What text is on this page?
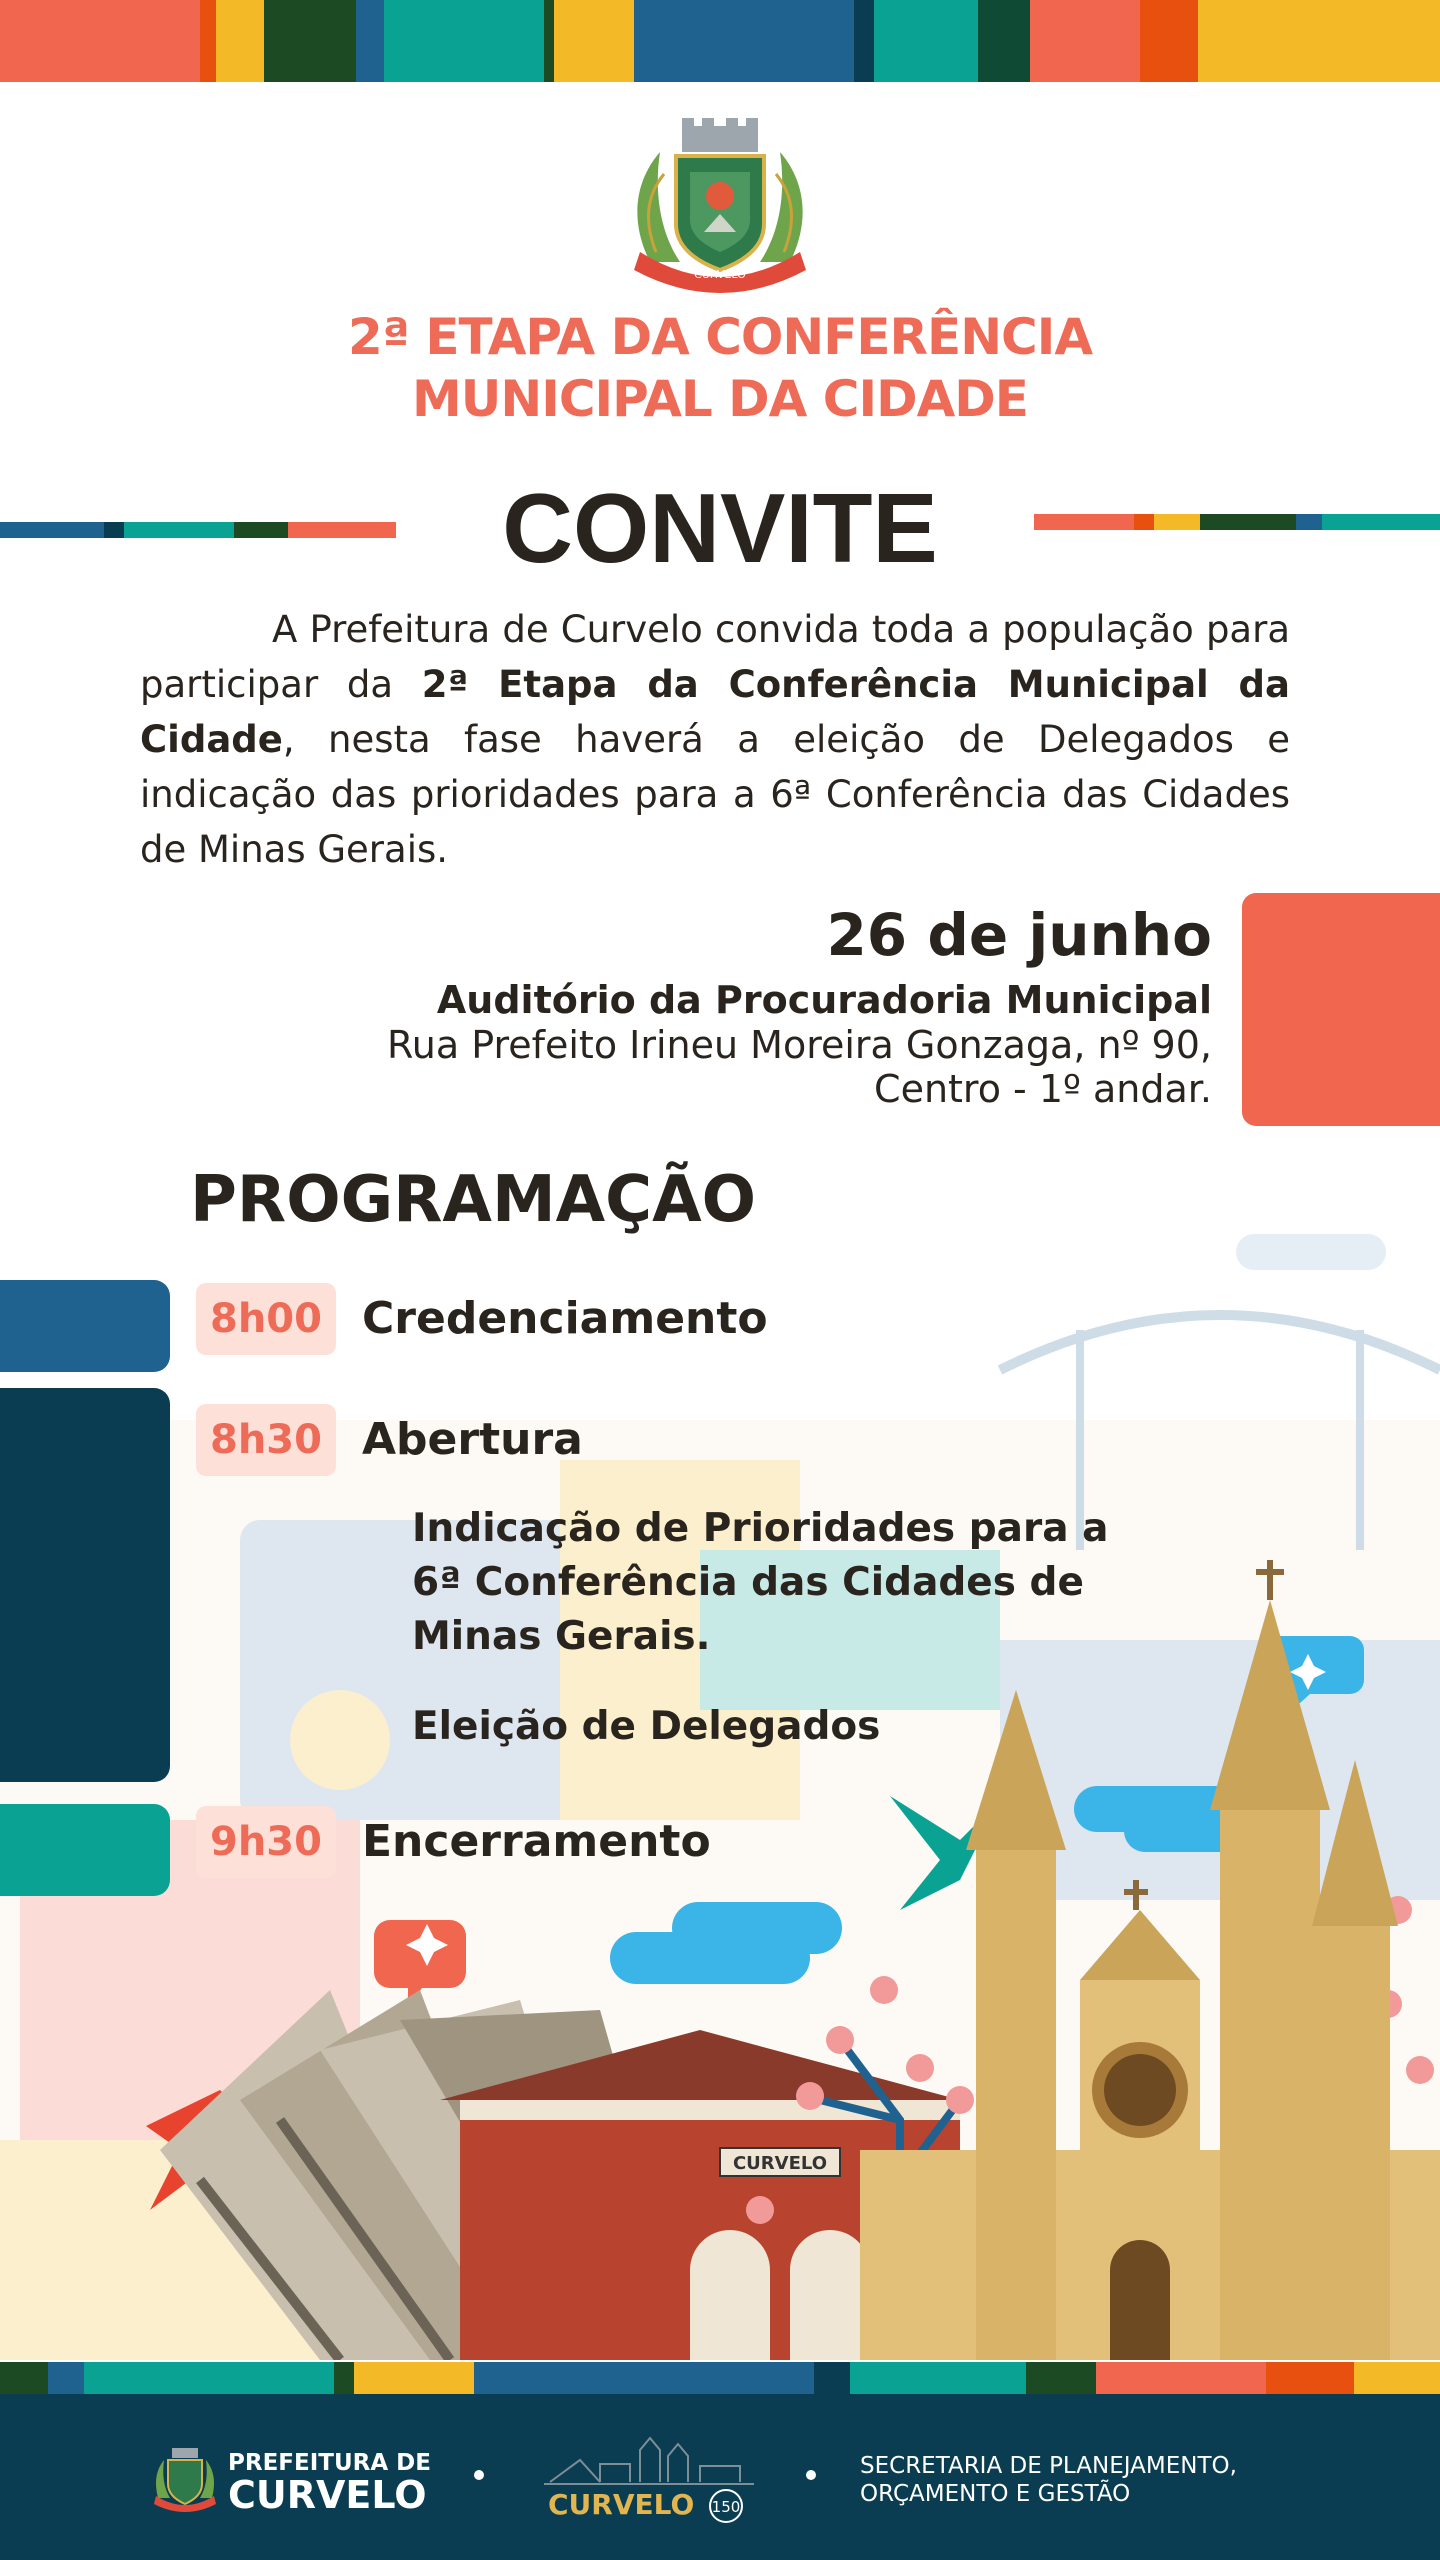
CURVELO
2ª ETAPA DA CONFERÊNCIA
MUNICIPAL DA CIDADE
CONVITE
A Prefeitura de Curvelo convida toda a população para participar da 2ª Etapa da Conferência Municipal da Cidade, nesta fase haverá a eleição de Delegados e indicação das prioridades para a 6ª Conferência das Cidades de Minas Gerais.
26 de junho
Auditório da Procuradoria Municipal
Rua Prefeito Irineu Moreira Gonzaga, nº 90,
Centro - 1º andar.
PROGRAMAÇÃO
CURVELO
8h00 Credenciamento
8h30 Abertura
Indicação de Prioridades para a
6ª Conferência das Cidades de
Minas Gerais.
Eleição de Delegados
9h30 Encerramento
PREFEITURA DE
CURVELO	CURVELO 150
SECRETARIA DE PLANEJAMENTO,
ORÇAMENTO E GESTÃO
